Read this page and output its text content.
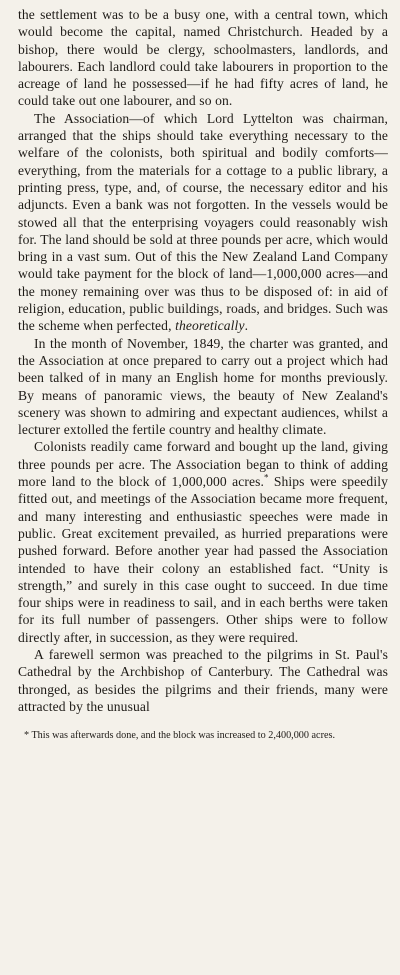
the settlement was to be a busy one, with a central town, which would become the capital, named Christchurch. Headed by a bishop, there would be clergy, schoolmasters, landlords, and labourers. Each landlord could take labourers in proportion to the acreage of land he possessed—if he had fifty acres of land, he could take out one labourer, and so on.

The Association—of which Lord Lyttelton was chairman, arranged that the ships should take everything necessary to the welfare of the colonists, both spiritual and bodily comforts—everything, from the materials for a cottage to a public library, a printing press, type, and, of course, the necessary editor and his adjuncts. Even a bank was not forgotten. In the vessels would be stowed all that the enterprising voyagers could reasonably wish for. The land should be sold at three pounds per acre, which would bring in a vast sum. Out of this the New Zealand Land Company would take payment for the block of land—1,000,000 acres—and the money remaining over was thus to be disposed of: in aid of religion, education, public buildings, roads, and bridges. Such was the scheme when perfected, theoretically.

In the month of November, 1849, the charter was granted, and the Association at once prepared to carry out a project which had been talked of in many an English home for months previously. By means of panoramic views, the beauty of New Zealand's scenery was shown to admiring and expectant audiences, whilst a lecturer extolled the fertile country and healthy climate.

Colonists readily came forward and bought up the land, giving three pounds per acre. The Association began to think of adding more land to the block of 1,000,000 acres.* Ships were speedily fitted out, and meetings of the Association became more frequent, and many interesting and enthusiastic speeches were made in public. Great excitement prevailed, as hurried preparations were pushed forward. Before another year had passed the Association intended to have their colony an established fact. “Unity is strength,” and surely in this case ought to succeed. In due time four ships were in readiness to sail, and in each berths were taken for its full number of passengers. Other ships were to follow directly after, in succession, as they were required.

A farewell sermon was preached to the pilgrims in St. Paul's Cathedral by the Archbishop of Canterbury. The Cathedral was thronged, as besides the pilgrims and their friends, many were attracted by the unusual

* This was afterwards done, and the block was increased to 2,400,000 acres.
